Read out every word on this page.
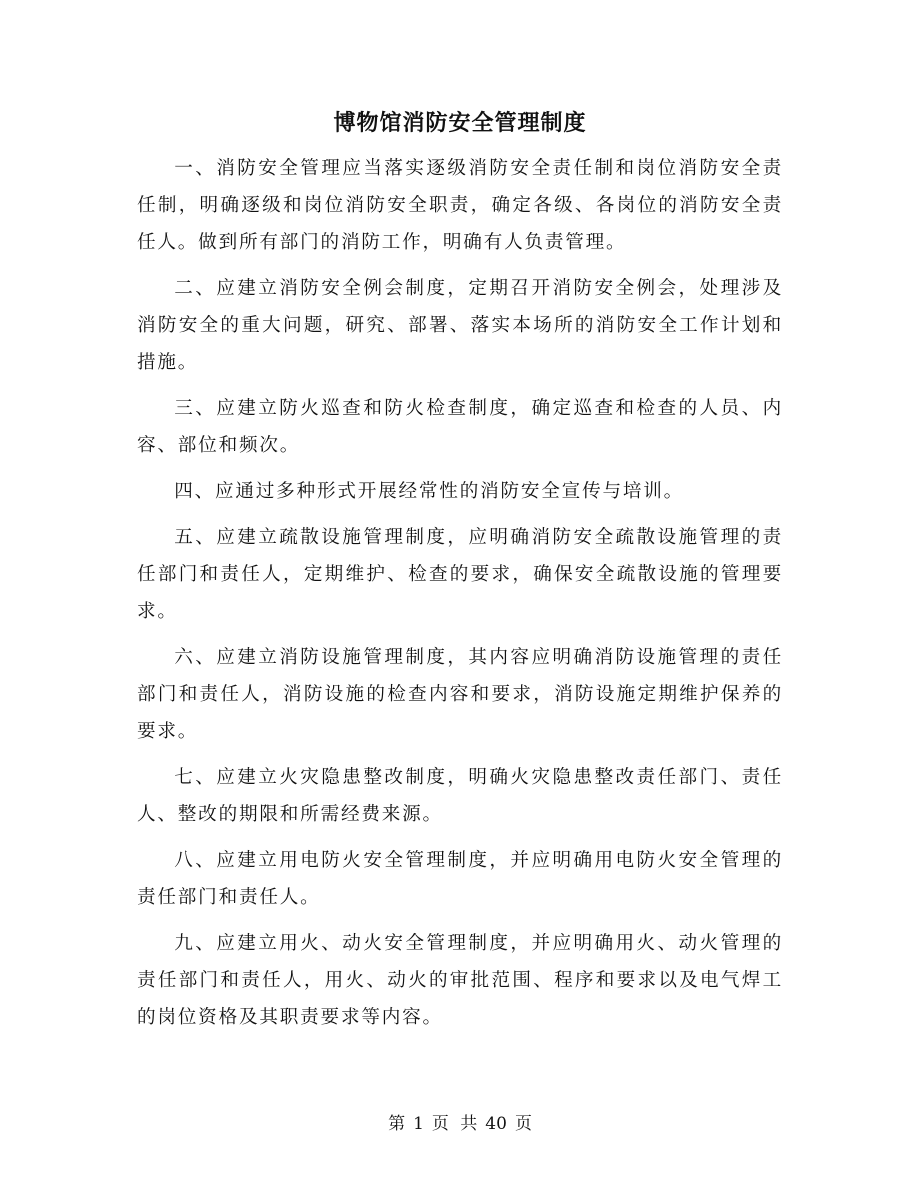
博物馆消防安全管理制度

一、消防安全管理应当落实逐级消防安全责任制和岗位消防安全责任制，明确逐级和岗位消防安全职责，确定各级、各岗位的消防安全责任人。做到所有部门的消防工作，明确有人负责管理。

二、应建立消防安全例会制度，定期召开消防安全例会，处理涉及消防安全的重大问题，研究、部署、落实本场所的消防安全工作计划和措施。

三、应建立防火巡查和防火检查制度，确定巡查和检查的人员、内容、部位和频次。

四、应通过多种形式开展经常性的消防安全宣传与培训。

五、应建立疏散设施管理制度，应明确消防安全疏散设施管理的责任部门和责任人，定期维护、检查的要求，确保安全疏散设施的管理要求。

六、应建立消防设施管理制度，其内容应明确消防设施管理的责任部门和责任人，消防设施的检查内容和要求，消防设施定期维护保养的要求。

七、应建立火灾隐患整改制度，明确火灾隐患整改责任部门、责任人、整改的期限和所需经费来源。

八、应建立用电防火安全管理制度，并应明确用电防火安全管理的责任部门和责任人。

九、应建立用火、动火安全管理制度，并应明确用火、动火管理的责任部门和责任人，用火、动火的审批范围、程序和要求以及电气焊工的岗位资格及其职责要求等内容。

第 1 页 共 40 页
